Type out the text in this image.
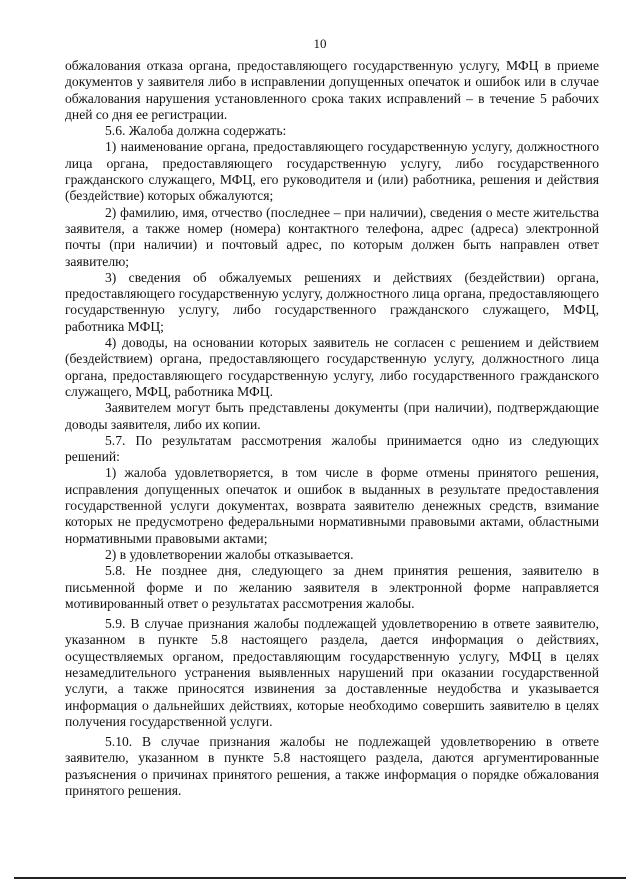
10

обжалования отказа органа, предоставляющего государственную услугу, МФЦ в приеме документов у заявителя либо в исправлении допущенных опечаток и ошибок или в случае обжалования нарушения установленного срока таких исправлений – в течение 5 рабочих дней со дня ее регистрации.

5.6. Жалоба должна содержать:

1) наименование органа, предоставляющего государственную услугу, должностного лица органа, предоставляющего государственную услугу, либо государственного гражданского служащего, МФЦ, его руководителя и (или) работника, решения и действия (бездействие) которых обжалуются;

2) фамилию, имя, отчество (последнее – при наличии), сведения о месте жительства заявителя, а также номер (номера) контактного телефона, адрес (адреса) электронной почты (при наличии) и почтовый адрес, по которым должен быть направлен ответ заявителю;

3) сведения об обжалуемых решениях и действиях (бездействии) органа, предоставляющего государственную услугу, должностного лица органа, предоставляющего государственную услугу, либо государственного гражданского служащего, МФЦ, работника МФЦ;

4) доводы, на основании которых заявитель не согласен с решением и действием (бездействием) органа, предоставляющего государственную услугу, должностного лица органа, предоставляющего государственную услугу, либо государственного гражданского служащего, МФЦ, работника МФЦ.

Заявителем могут быть представлены документы (при наличии), подтверждающие доводы заявителя, либо их копии.

5.7. По результатам рассмотрения жалобы принимается одно из следующих решений:

1) жалоба удовлетворяется, в том числе в форме отмены принятого решения, исправления допущенных опечаток и ошибок в выданных в результате предоставления государственной услуги документах, возврата заявителю денежных средств, взимание которых не предусмотрено федеральными нормативными правовыми актами, областными нормативными правовыми актами;

2) в удовлетворении жалобы отказывается.

5.8. Не позднее дня, следующего за днем принятия решения, заявителю в письменной форме и по желанию заявителя в электронной форме направляется мотивированный ответ о результатах рассмотрения жалобы.

5.9. В случае признания жалобы подлежащей удовлетворению в ответе заявителю, указанном в пункте 5.8 настоящего раздела, дается информация о действиях, осуществляемых органом, предоставляющим государственную услугу, МФЦ в целях незамедлительного устранения выявленных нарушений при оказании государственной услуги, а также приносятся извинения за доставленные неудобства и указывается информация о дальнейших действиях, которые необходимо совершить заявителю в целях получения государственной услуги.

5.10. В случае признания жалобы не подлежащей удовлетворению в ответе заявителю, указанном в пункте 5.8 настоящего раздела, даются аргументированные разъяснения о причинах принятого решения, а также информация о порядке обжалования принятого решения.
